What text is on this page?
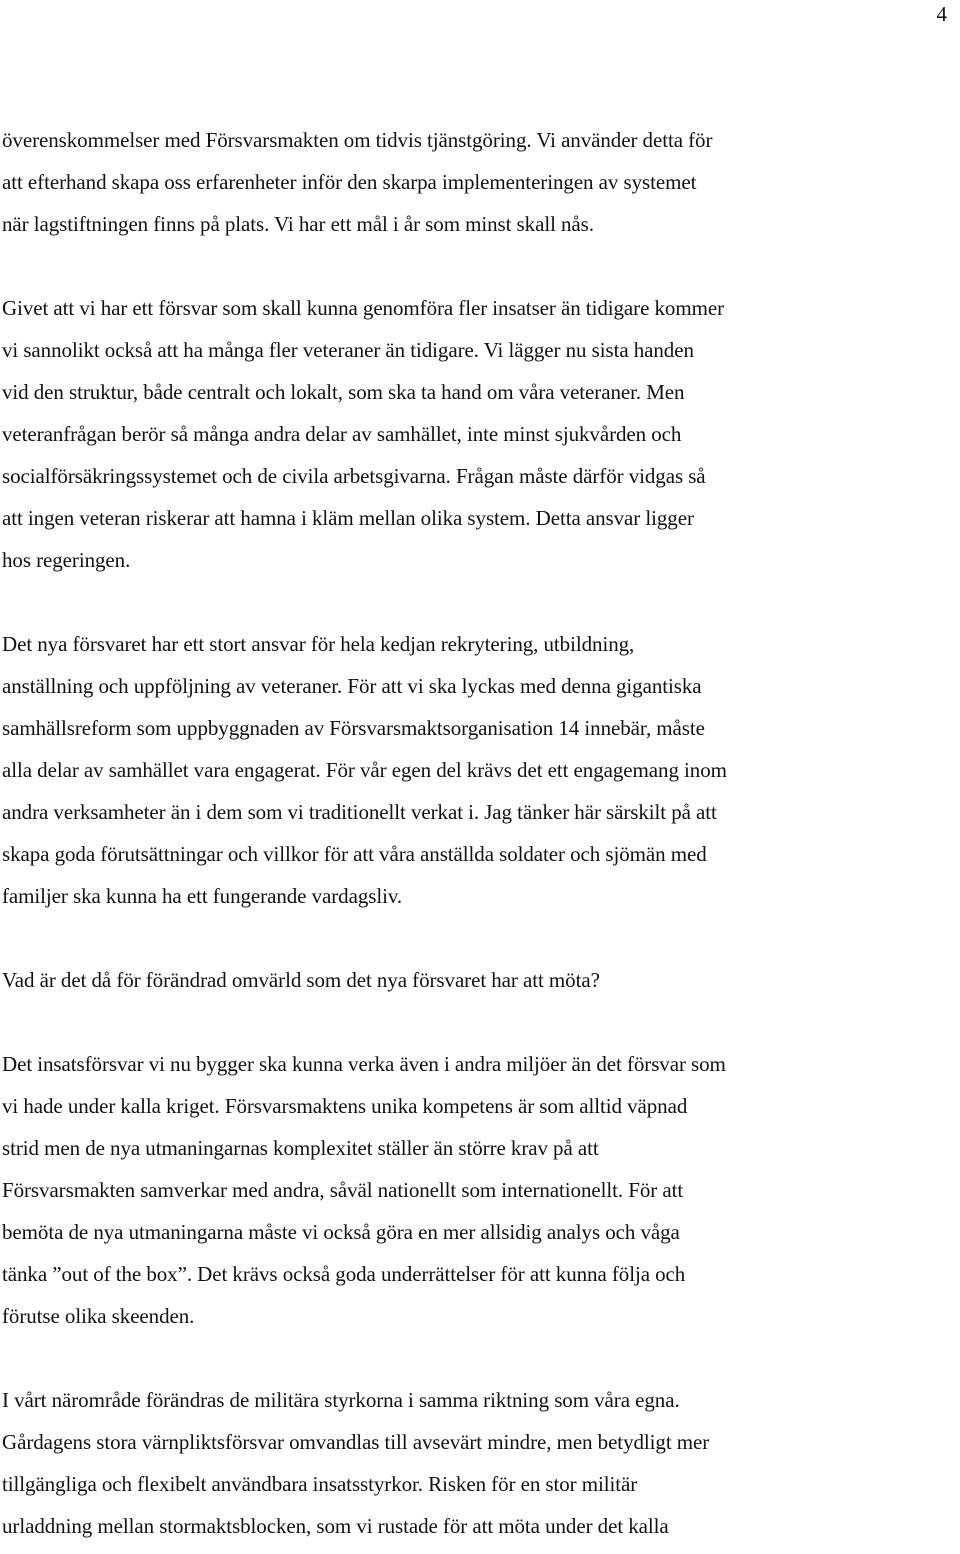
4
överenskommelser med Försvarsmakten om tidvis tjänstgöring. Vi använder detta för
att efterhand skapa oss erfarenheter inför den skarpa implementeringen av systemet
när lagstiftningen finns på plats. Vi har ett mål i år som minst skall nås.
Givet att vi har ett försvar som skall kunna genomföra fler insatser än tidigare kommer
vi sannolikt också att ha många fler veteraner än tidigare. Vi lägger nu sista handen
vid den struktur, både centralt och lokalt, som ska ta hand om våra veteraner. Men
veteranfrågan berör så många andra delar av samhället, inte minst sjukvården och
socialförsäkringssystemet och de civila arbetsgivarna. Frågan måste därför vidgas så
att ingen veteran riskerar att hamna i kläm mellan olika system. Detta ansvar ligger
hos regeringen.
Det nya försvaret har ett stort ansvar för hela kedjan rekrytering, utbildning,
anställning och uppföljning av veteraner. För att vi ska lyckas med denna gigantiska
samhällsreform som uppbyggnaden av Försvarsmaktsorganisation 14 innebär, måste
alla delar av samhället vara engagerat. För vår egen del krävs det ett engagemang inom
andra verksamheter än i dem som vi traditionellt verkat i. Jag tänker här särskilt på att
skapa goda förutsättningar och villkor för att våra anställda soldater och sjömän med
familjer ska kunna ha ett fungerande vardagsliv.
Vad är det då för förändrad omvärld som det nya försvaret har att möta?
Det insatsförsvar vi nu bygger ska kunna verka även i andra miljöer än det försvar som
vi hade under kalla kriget. Försvarsmaktens unika kompetens är som alltid väpnad
strid men de nya utmaningarnas komplexitet ställer än större krav på att
Försvarsmakten samverkar med andra, såväl nationellt som internationellt. För att
bemöta de nya utmaningarna måste vi också göra en mer allsidig analys och våga
tänka ”out of the box”. Det krävs också goda underrättelser för att kunna följa och
förutse olika skeenden.
I vårt närområde förändras de militära styrkorna i samma riktning som våra egna.
Gårdagens stora värnpliktsförsvar omvandlas till avsevärt mindre, men betydligt mer
tillgängliga och flexibelt användbara insatsstyrkor. Risken för en stor militär
urladdning mellan stormaktsblocken, som vi rustade för att möta under det kalla
